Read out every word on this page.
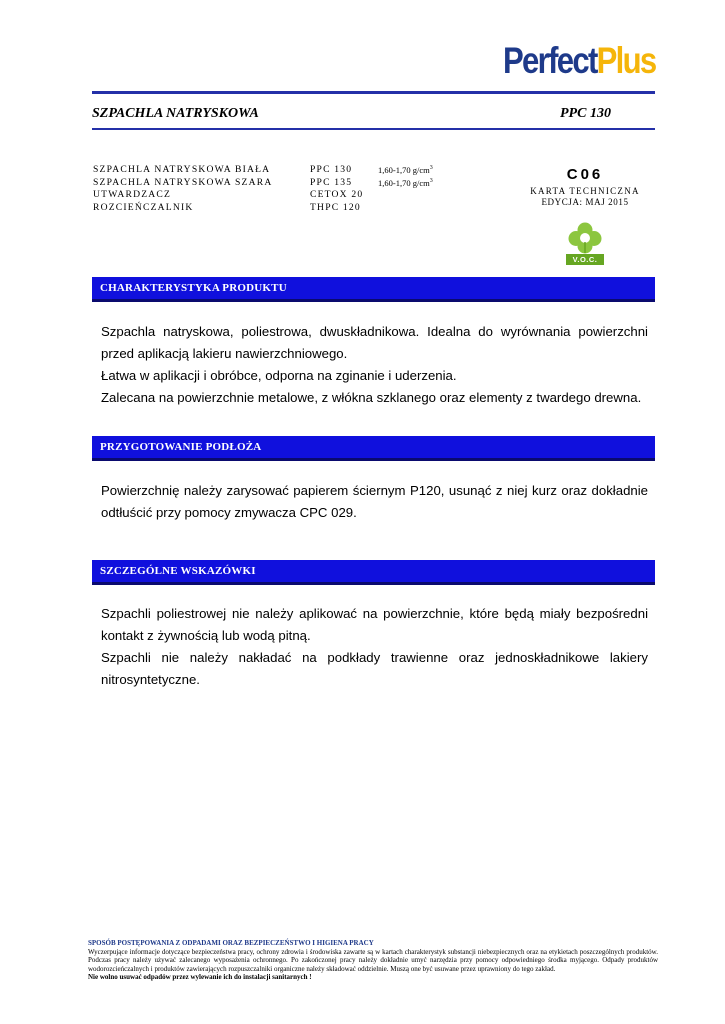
PerfectPlus
SZPACHLA NATRYSKOWA	PPC 130
SZPACHLA NATRYSKOWA BIAŁA	PPC 130	1,60-1,70 $g/cm^3$
SZPACHLA NATRYSKOWA SZARA	PPC 135	1,60-1,70 $g/cm^3$
UTWARDZACZ	CETOX 20	
ROZCIEŃCZALNIK	THPC 120	
C06
KARTA TECHNICZNA
EDYCJA: MAJ 2015
V.O.C.
CHARAKTERYSTYKA PRODUKTU

Szpachla natryskowa, poliestrowa, dwuskładnikowa. Idealna do wyrównania powierzchni przed aplikacją lakieru nawierzchniowego.

Łatwa w aplikacji i obróbce, odporna na zginanie i uderzenia.

Zalecana na powierzchnie metalowe, z włókna szklanego oraz elementy z twardego drewna.

PRZYGOTOWANIE PODŁOŻA

Powierzchnię należy zarysować papierem ściernym P120, usunąć z niej kurz oraz dokładnie odtłuścić przy pomocy zmywacza CPC 029.

SZCZEGÓLNE WSKAZÓWKI

Szpachli poliestrowej nie należy aplikować na powierzchnie, które będą miały bezpośredni kontakt z żywnością lub wodą pitną.

Szpachli nie należy nakładać na podkłady trawienne oraz jednoskładnikowe lakiery nitrosyntetyczne.

SPOSÓB POSTĘPOWANIA Z ODPADAMI ORAZ BEZPIECZEŃSTWO I HIGIENA PRACY

Wyczerpujące informacje dotyczące bezpieczeństwa pracy, ochrony zdrowia i środowiska zawarte są w kartach charakterystyk substancji niebezpiecznych oraz na etykietach poszczególnych produktów. Podczas pracy należy używać zalecanego wyposażenia ochronnego. Po zakończonej pracy należy dokładnie umyć narzędzia przy pomocy odpowiedniego środka myjącego. Odpady produktów wodorozcieńczalnych i produktów zawierających rozpuszczalniki organiczne należy składować oddzielnie. Muszą one być usuwane przez uprawniony do tego zakład.

Nie wolno usuwać odpadów przez wylewanie ich do instalacji sanitarnych !
